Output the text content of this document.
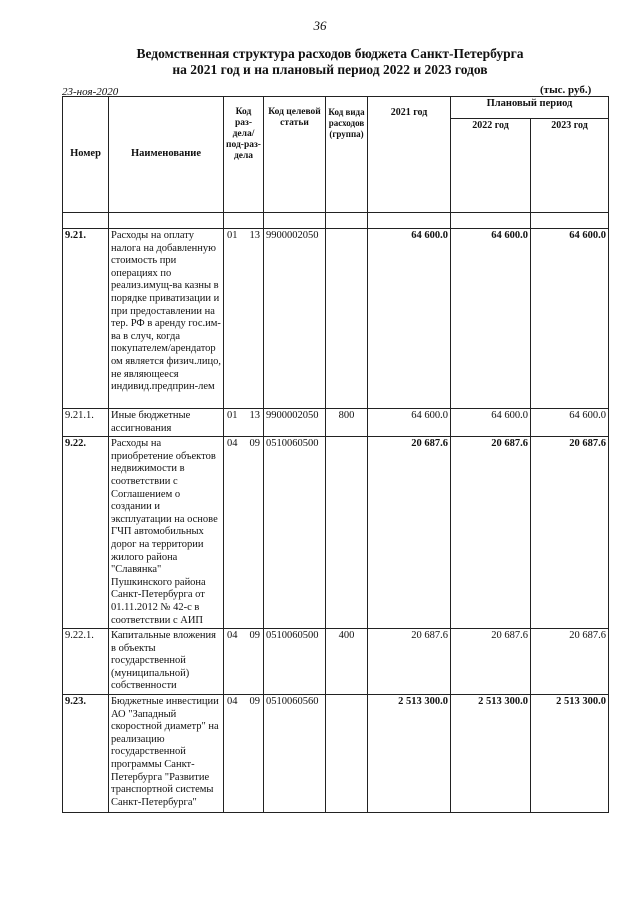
36
Ведомственная структура расходов бюджета Санкт-Петербурга
на 2021 год и на плановый период 2022 и 2023 годов
23-ноя-2020	(тыс. руб.)
Номер	Наименование	Код раз-дела/ под-раз-дела	Код целевой статьи	Код вида расходов (группа)	2021 год	Плановый период	
						2022 год	2023 год

9.21.	Расходы на оплату налога на добавленную стоимость при операциях по реализ.имущ-ва казны в порядке приватизации и при предоставлении на тер. РФ в аренду гос.им-ва в случ, когда покупателем/арендатор ом является физич.лицо, не являющееся индивид.предприн-лем	01 13	9900002050		64 600.0	64 600.0	64 600.0
9.21.1.	Иные бюджетные ассигнования	01 13	9900002050	800	64 600.0	64 600.0	64 600.0
9.22.	Расходы на приобретение объектов недвижимости в соответствии с Соглашением о создании и эксплуатации на основе ГЧП автомобильных дорог на территории жилого района "Славянка" Пушкинского района Санкт-Петербурга от 01.11.2012 № 42-с в соответствии с АИП	04 09	0510060500		20 687.6	20 687.6	20 687.6
9.22.1.	Капитальные вложения в объекты государственной (муниципальной) собственности	04 09	0510060500	400	20 687.6	20 687.6	20 687.6
9.23.	Бюджетные инвестиции АО "Западный скоростной диаметр" на реализацию государственной программы Санкт-Петербурга "Развитие транспортной системы Санкт-Петербурга"	04 09	0510060560		2 513 300.0	2 513 300.0	2 513 300.0
